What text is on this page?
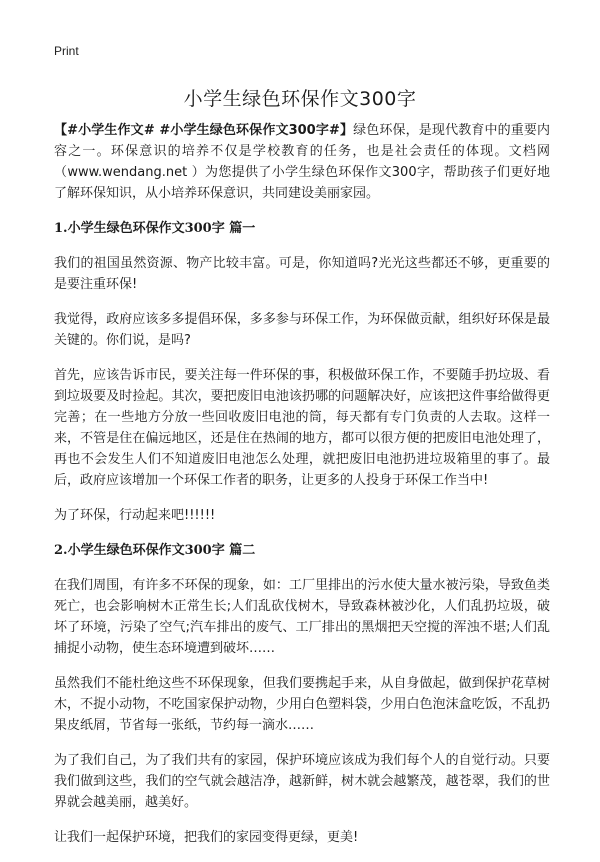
Print
小学生绿色环保作文300字

【#小学生作文# #小学生绿色环保作文300字#】绿色环保，是现代教育中的重要内容之一。环保意识的培养不仅是学校教育的任务，也是社会责任的体现。文档网（www.wendang.net ）为您提供了小学生绿色环保作文300字，帮助孩子们更好地了解环保知识，从小培养环保意识，共同建设美丽家园。

1.小学生绿色环保作文300字 篇一

我们的祖国虽然资源、物产比较丰富。可是，你知道吗?光光这些都还不够，更重要的是要注重环保!

我觉得，政府应该多多提倡环保，多多参与环保工作，为环保做贡献，组织好环保是最关键的。你们说，是吗?

首先，应该告诉市民，要关注每一件环保的事，积极做环保工作，不要随手扔垃圾、看到垃圾要及时捡起。其次，要把废旧电池该扔哪的问题解决好，应该把这件事给做得更完善；在一些地方分放一些回收废旧电池的筒，每天都有专门负责的人去取。这样一来，不管是住在偏远地区，还是住在热闹的地方，都可以很方便的把废旧电池处理了，再也不会发生人们不知道废旧电池怎么处理，就把废旧电池扔进垃圾箱里的事了。最后，政府应该增加一个环保工作者的职务，让更多的人投身于环保工作当中!

为了环保，行动起来吧!!!!!!

2.小学生绿色环保作文300字 篇二

在我们周围，有许多不环保的现象，如：工厂里排出的污水使大量水被污染，导致鱼类死亡，也会影响树木正常生长;人们乱砍伐树木，导致森林被沙化，人们乱扔垃圾，破坏了环境，污染了空气;汽车排出的废气、工厂排出的黑烟把天空搅的浑浊不堪;人们乱捕捉小动物，使生态环境遭到破坏……

虽然我们不能杜绝这些不环保现象，但我们要携起手来，从自身做起，做到保护花草树木，不捉小动物，不吃国家保护动物，少用白色塑料袋，少用白色泡沫盒吃饭，不乱扔果皮纸屑，节省每一张纸，节约每一滴水……

为了我们自己，为了我们共有的家园，保护环境应该成为我们每个人的自觉行动。只要我们做到这些，我们的空气就会越洁净，越新鲜，树木就会越繁茂，越苍翠，我们的世界就会越美丽，越美好。

让我们一起保护环境，把我们的家园变得更绿，更美!
